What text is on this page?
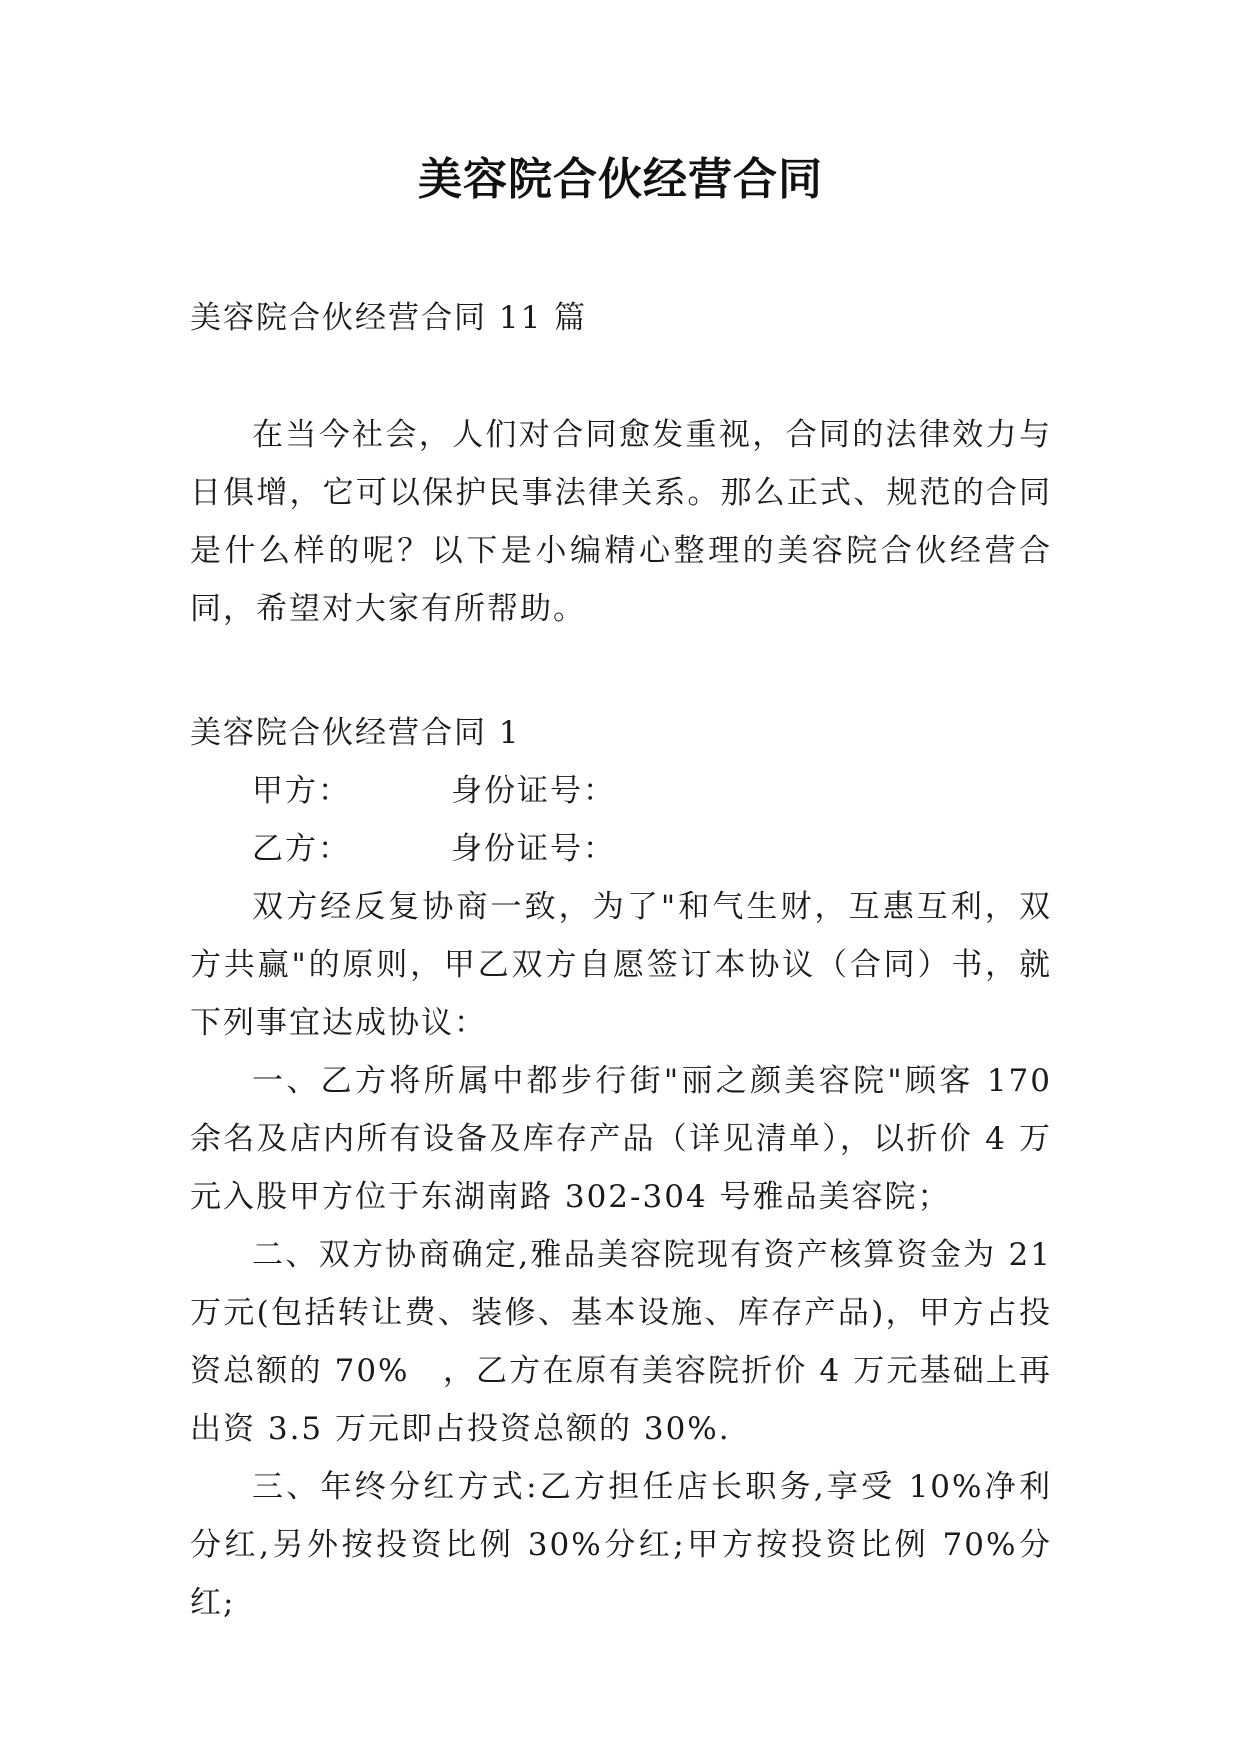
美容院合伙经营合同

美容院合伙经营合同 11 篇

在当今社会，人们对合同愈发重视，合同的法律效力与日俱增，它可以保护民事法律关系。那么正式、规范的合同是什么样的呢？以下是小编精心整理的美容院合伙经营合同，希望对大家有所帮助。

美容院合伙经营合同 1

甲方：	身份证号：

乙方：	身份证号：

双方经反复协商一致，为了"和气生财，互惠互利，双方共赢"的原则，甲乙双方自愿签订本协议（合同）书，就下列事宜达成协议：

一、乙方将所属中都步行街"丽之颜美容院"顾客 170 余名及店内所有设备及库存产品（详见清单），以折价 4 万元入股甲方位于东湖南路 302-304 号雅品美容院；

二、双方协商确定,雅品美容院现有资产核算资金为 21 万元(包括转让费、装修、基本设施、库存产品)，甲方占投资总额的 70%　，乙方在原有美容院折价 4 万元基础上再出资 3.5 万元即占投资总额的 30%.

三、年终分红方式:乙方担任店长职务,享受 10%净利分红,另外按投资比例 30%分红;甲方按投资比例 70%分红;
